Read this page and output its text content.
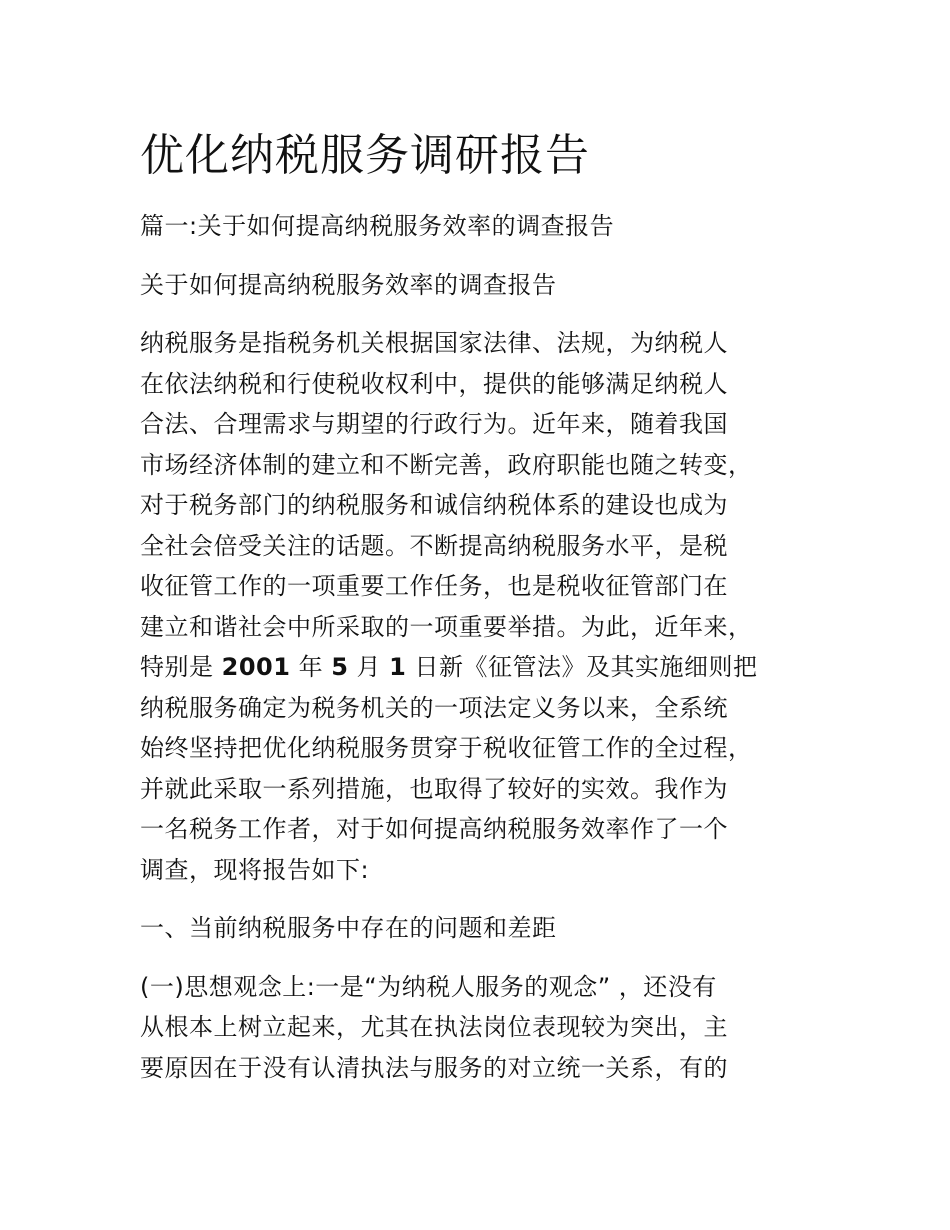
优化纳税服务调研报告

篇一:关于如何提高纳税服务效率的调查报告

关于如何提高纳税服务效率的调查报告

纳税服务是指税务机关根据国家法律、法规，为纳税人
在依法纳税和行使税收权利中，提供的能够满足纳税人
合法、合理需求与期望的行政行为。近年来，随着我国
市场经济体制的建立和不断完善，政府职能也随之转变，
对于税务部门的纳税服务和诚信纳税体系的建设也成为
全社会倍受关注的话题。不断提高纳税服务水平，是税
收征管工作的一项重要工作任务，也是税收征管部门在
建立和谐社会中所采取的一项重要举措。为此，近年来，
特别是 2001 年 5 月 1 日新《征管法》及其实施细则把
纳税服务确定为税务机关的一项法定义务以来，全系统
始终坚持把优化纳税服务贯穿于税收征管工作的全过程，
并就此采取一系列措施，也取得了较好的实效。我作为
一名税务工作者，对于如何提高纳税服务效率作了一个
调查，现将报告如下:

一、当前纳税服务中存在的问题和差距

(一)思想观念上:一是“为纳税人服务的观念” ，还没有
从根本上树立起来，尤其在执法岗位表现较为突出，主
要原因在于没有认清执法与服务的对立统一关系，有的
